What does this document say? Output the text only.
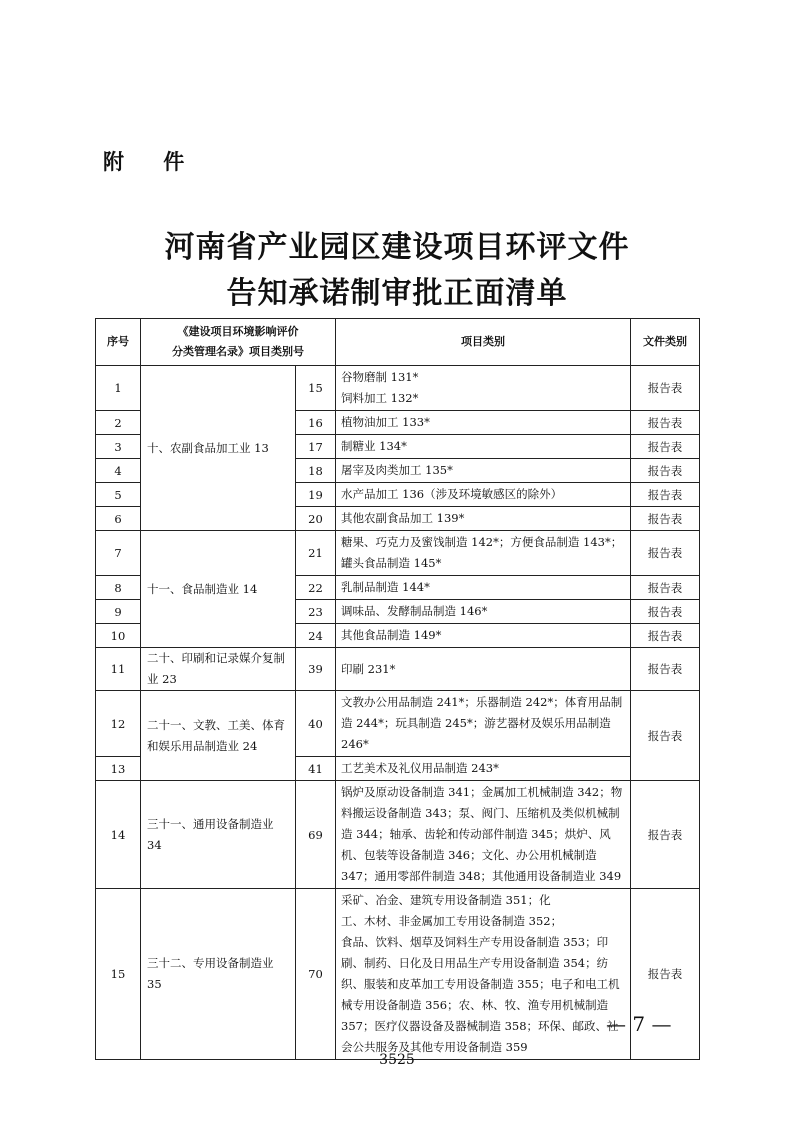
附 件
河南省产业园区建设项目环评文件
告知承诺制审批正面清单
序号	《建设项目环境影响评价
分类管理名录》项目类别号		项目类别	文件类别
1	十、农副食品加工业 13	15	谷物磨制 131*
饲料加工 132*	报告表
2		16	植物油加工 133*	报告表
3		17	制糖业 134*	报告表
4		18	屠宰及肉类加工 135*	报告表
5		19	水产品加工 136（涉及环境敏感区的除外）	报告表
6		20	其他农副食品加工 139*	报告表
7	十一、食品制造业 14	21	糖果、巧克力及蜜饯制造 142*；方便食品制造 143*；罐头食品制造 145*	报告表
8		22	乳制品制造 144*	报告表
9		23	调味品、发酵制品制造 146*	报告表
10		24	其他食品制造 149*	报告表
11	二十、印刷和记录媒介复制业 23	39	印刷 231*	报告表
12	二十一、文教、工美、体育和娱乐用品制造业 24	40	文教办公用品制造 241*；乐器制造 242*；体育用品制造 244*；玩具制造 245*；游艺器材及娱乐用品制造 246*	报告表
13		41	工艺美术及礼仪用品制造 243*	
14	三十一、通用设备制造业 34	69	锅炉及原动设备制造 341；金属加工机械制造 342；物料搬运设备制造 343；泵、阀门、压缩机及类似机械制造 344；轴承、齿轮和传动部件制造 345；烘炉、风机、包装等设备制造 346；文化、办公用机械制造 347；通用零部件制造 348；其他通用设备制造业 349	报告表
15	三十二、专用设备制造业 35	70	采矿、冶金、建筑专用设备制造 351；化
工、木材、非金属加工专用设备制造 352；
食品、饮料、烟草及饲料生产专用设备制造 353；印刷、制药、日化及日用品生产专用设备制造 354；纺织、服装和皮革加工专用设备制造 355；电子和电工机械专用设备制造 356；农、林、牧、渔专用机械制造 357；医疗仪器设备及器械制造 358；环保、邮政、社会公共服务及其他专用设备制造 359	报告表
— 7 —
3525
